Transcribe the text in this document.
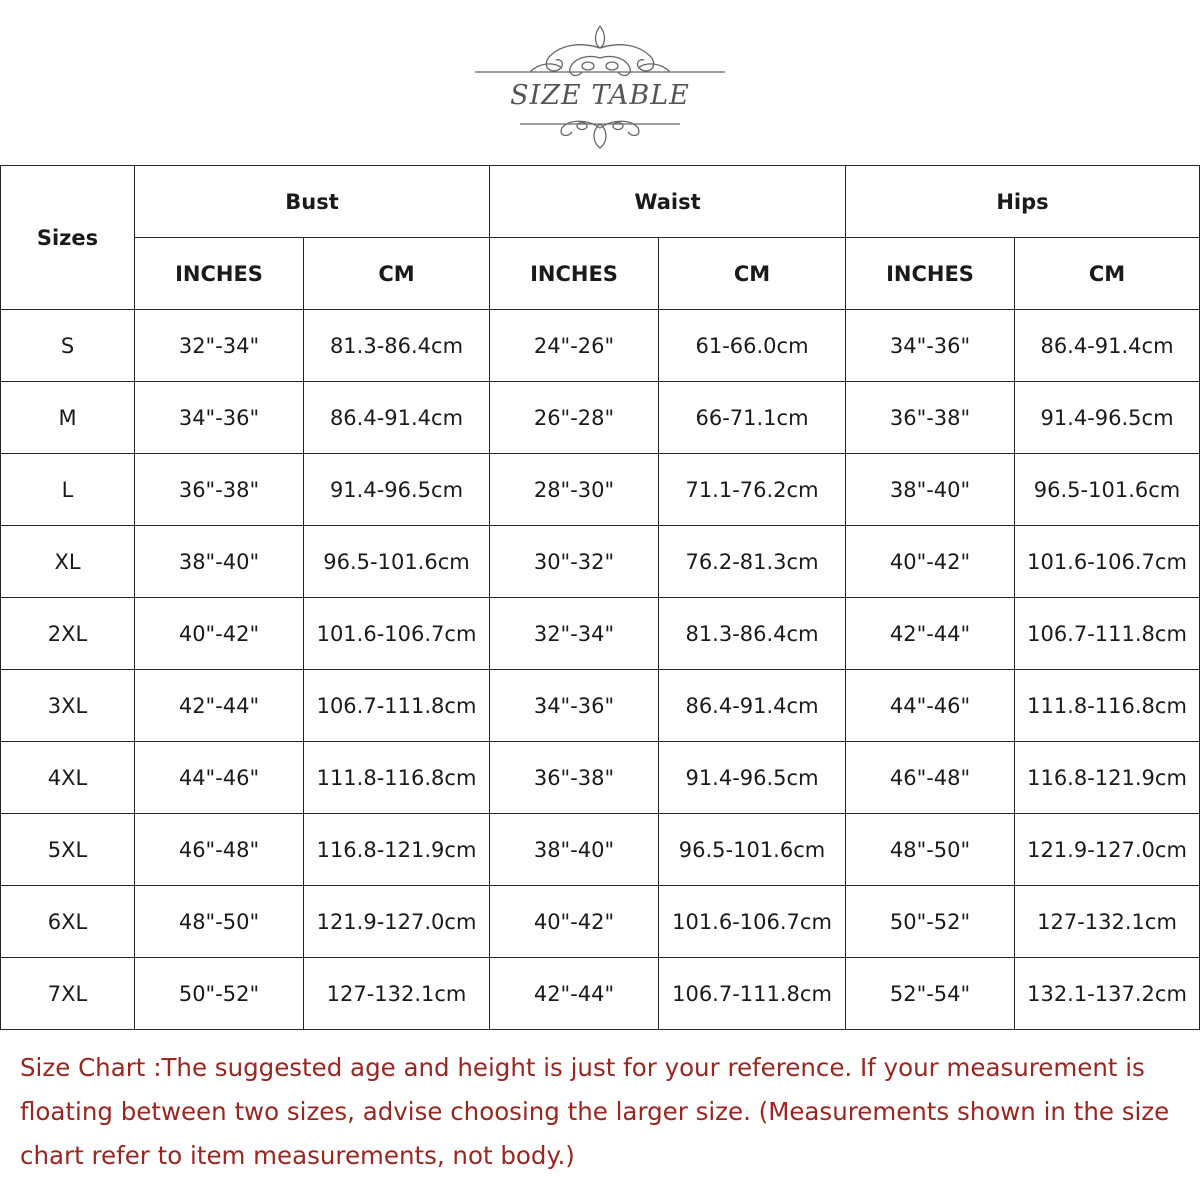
SIZE TABLE
Sizes	Bust		Waist		Hips	
	INCHES	CM	INCHES	CM	INCHES	CM
S	32"-34"	81.3-86.4cm	24"-26"	61-66.0cm	34"-36"	86.4-91.4cm
M	34"-36"	86.4-91.4cm	26"-28"	66-71.1cm	36"-38"	91.4-96.5cm
L	36"-38"	91.4-96.5cm	28"-30"	71.1-76.2cm	38"-40"	96.5-101.6cm
XL	38"-40"	96.5-101.6cm	30"-32"	76.2-81.3cm	40"-42"	101.6-106.7cm
2XL	40"-42"	101.6-106.7cm	32"-34"	81.3-86.4cm	42"-44"	106.7-111.8cm
3XL	42"-44"	106.7-111.8cm	34"-36"	86.4-91.4cm	44"-46"	111.8-116.8cm
4XL	44"-46"	111.8-116.8cm	36"-38"	91.4-96.5cm	46"-48"	116.8-121.9cm
5XL	46"-48"	116.8-121.9cm	38"-40"	96.5-101.6cm	48"-50"	121.9-127.0cm
6XL	48"-50"	121.9-127.0cm	40"-42"	101.6-106.7cm	50"-52"	127-132.1cm
7XL	50"-52"	127-132.1cm	42"-44"	106.7-111.8cm	52"-54"	132.1-137.2cm
Size Chart :The suggested age and height is just for your reference. If your measurement is floating between two sizes, advise choosing the larger size. (Measurements shown in the size chart refer to item measurements, not body.)
